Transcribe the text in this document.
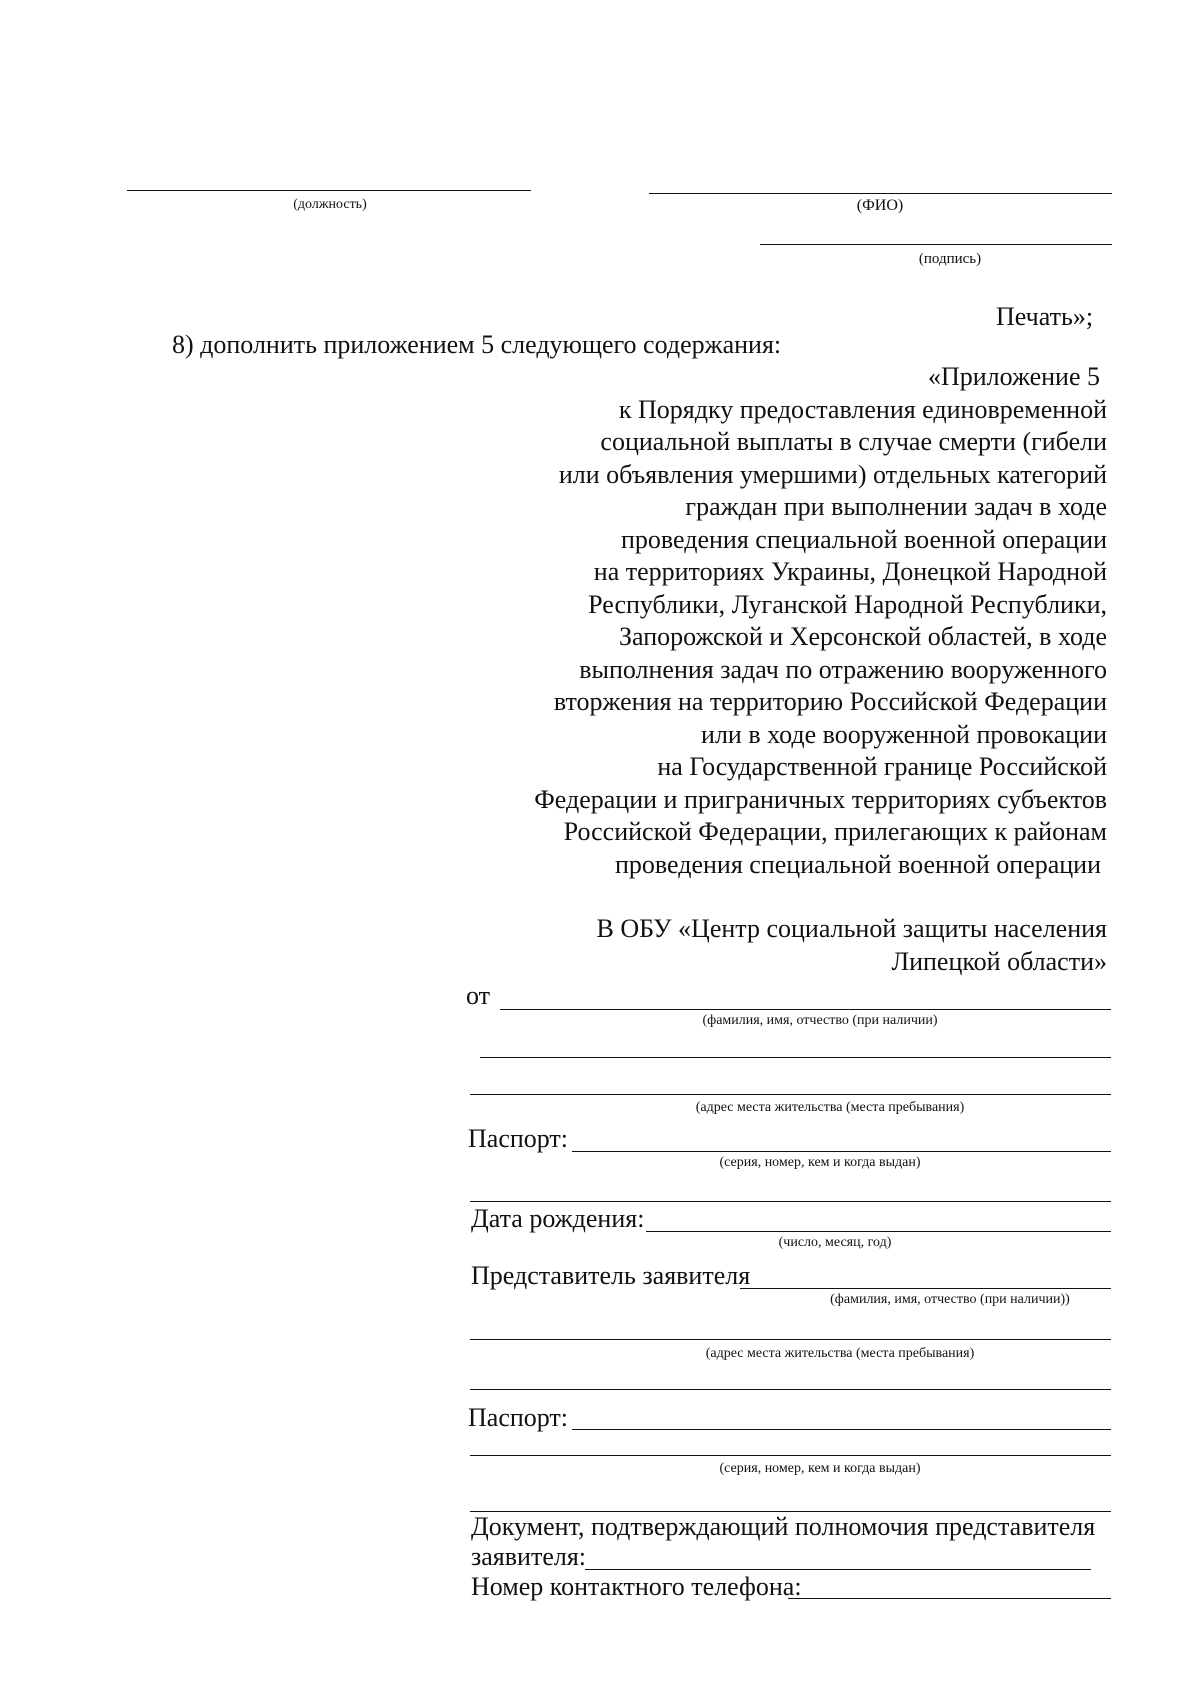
(должность)	(ФИО)
(подпись)
Печать»;
8) дополнить приложением 5 следующего содержания:
«Приложение 5
к Порядку предоставления единовременной
социальной выплаты в случае смерти (гибели
или объявления умершими) отдельных категорий
граждан при выполнении задач в ходе
проведения специальной военной операции
на территориях Украины, Донецкой Народной
Республики, Луганской Народной Республики,
Запорожской и Херсонской областей, в ходе
выполнения задач по отражению вооруженного
вторжения на территорию Российской Федерации
или в ходе вооруженной провокации
на Государственной границе Российской
Федерации и приграничных территориях субъектов
Российской Федерации, прилегающих к районам
проведения специальной военной операции
В ОБУ «Центр социальной защиты населения
Липецкой области»
от
(фамилия, имя, отчество (при наличии)
(адрес места жительства (места пребывания)
Паспорт:
(серия, номер, кем и когда выдан)
Дата рождения:
(число, месяц, год)
Представитель заявителя
(фамилия, имя, отчество (при наличии))
(адрес места жительства (места пребывания)
Паспорт:
(серия, номер, кем и когда выдан)
Документ, подтверждающий полномочия представителя
заявителя:
Номер контактного телефона:
